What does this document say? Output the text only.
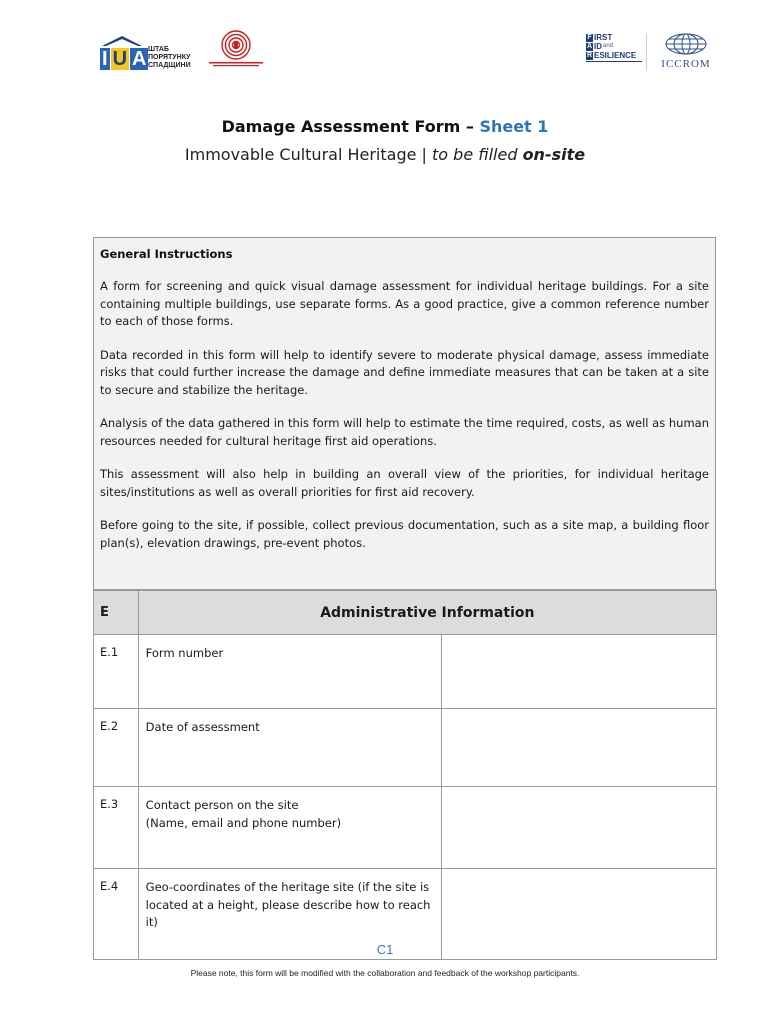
I U A ШТАБ
ПОРЯТУНКУ
СПАДЩИНИ
F IRST
A ID and
R ESILIENCE
ICCROM
Damage Assessment Form – Sheet 1
Immovable Cultural Heritage | to be filled on-site
General Instructions

A form for screening and quick visual damage assessment for individual heritage buildings. For a site containing multiple buildings, use separate forms. As a good practice, give a common reference number to each of those forms.

Data recorded in this form will help to identify severe to moderate physical damage, assess immediate risks that could further increase the damage and define immediate measures that can be taken at a site to secure and stabilize the heritage.

Analysis of the data gathered in this form will help to estimate the time required, costs, as well as human resources needed for cultural heritage first aid operations.

This assessment will also help in building an overall view of the priorities, for individual heritage sites/institutions as well as overall priorities for first aid recovery.

Before going to the site, if possible, collect previous documentation, such as a site map, a building floor plan(s), elevation drawings, pre-event photos.

E	Administrative Information	
E.1	Form number	

E.2	Date of assessment	

E.3	Contact person on the site
(Name, email and phone number)	

E.4	Geo-coordinates of the heritage site (if the site is located at a height, please describe how to reach it)	

C1
Please note, this form will be modified with the collaboration and feedback of the workshop participants.
